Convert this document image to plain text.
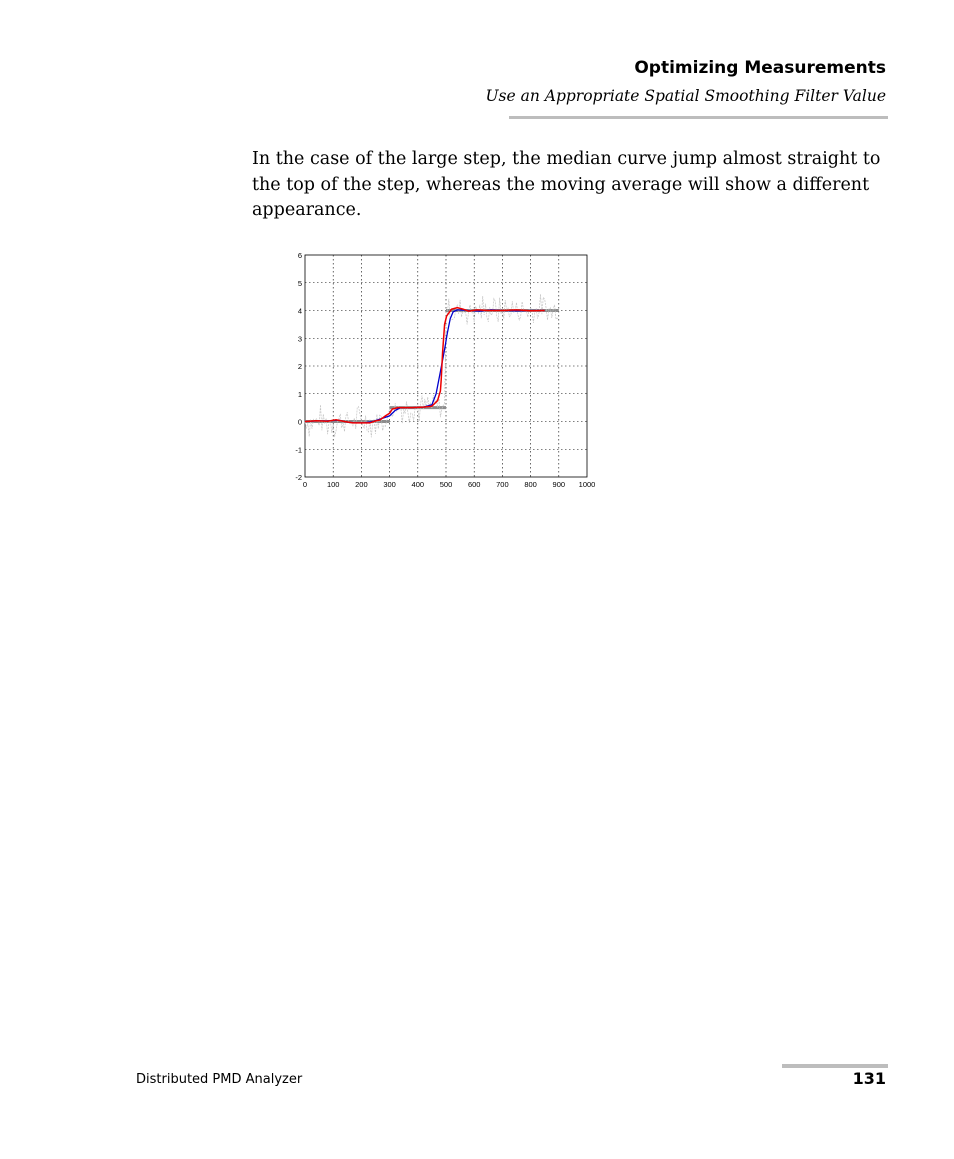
Optimizing Measurements
Use an Appropriate Spatial Smoothing Filter Value

In the case of the large step, the median curve jump almost straight to the top of the step, whereas the moving average will show a different appearance.

0	100 200 300 400 500 600 700 800 900 1000
-2
-1
0
1
2
3
4
5
6
Distributed PMD Analyzer	131
